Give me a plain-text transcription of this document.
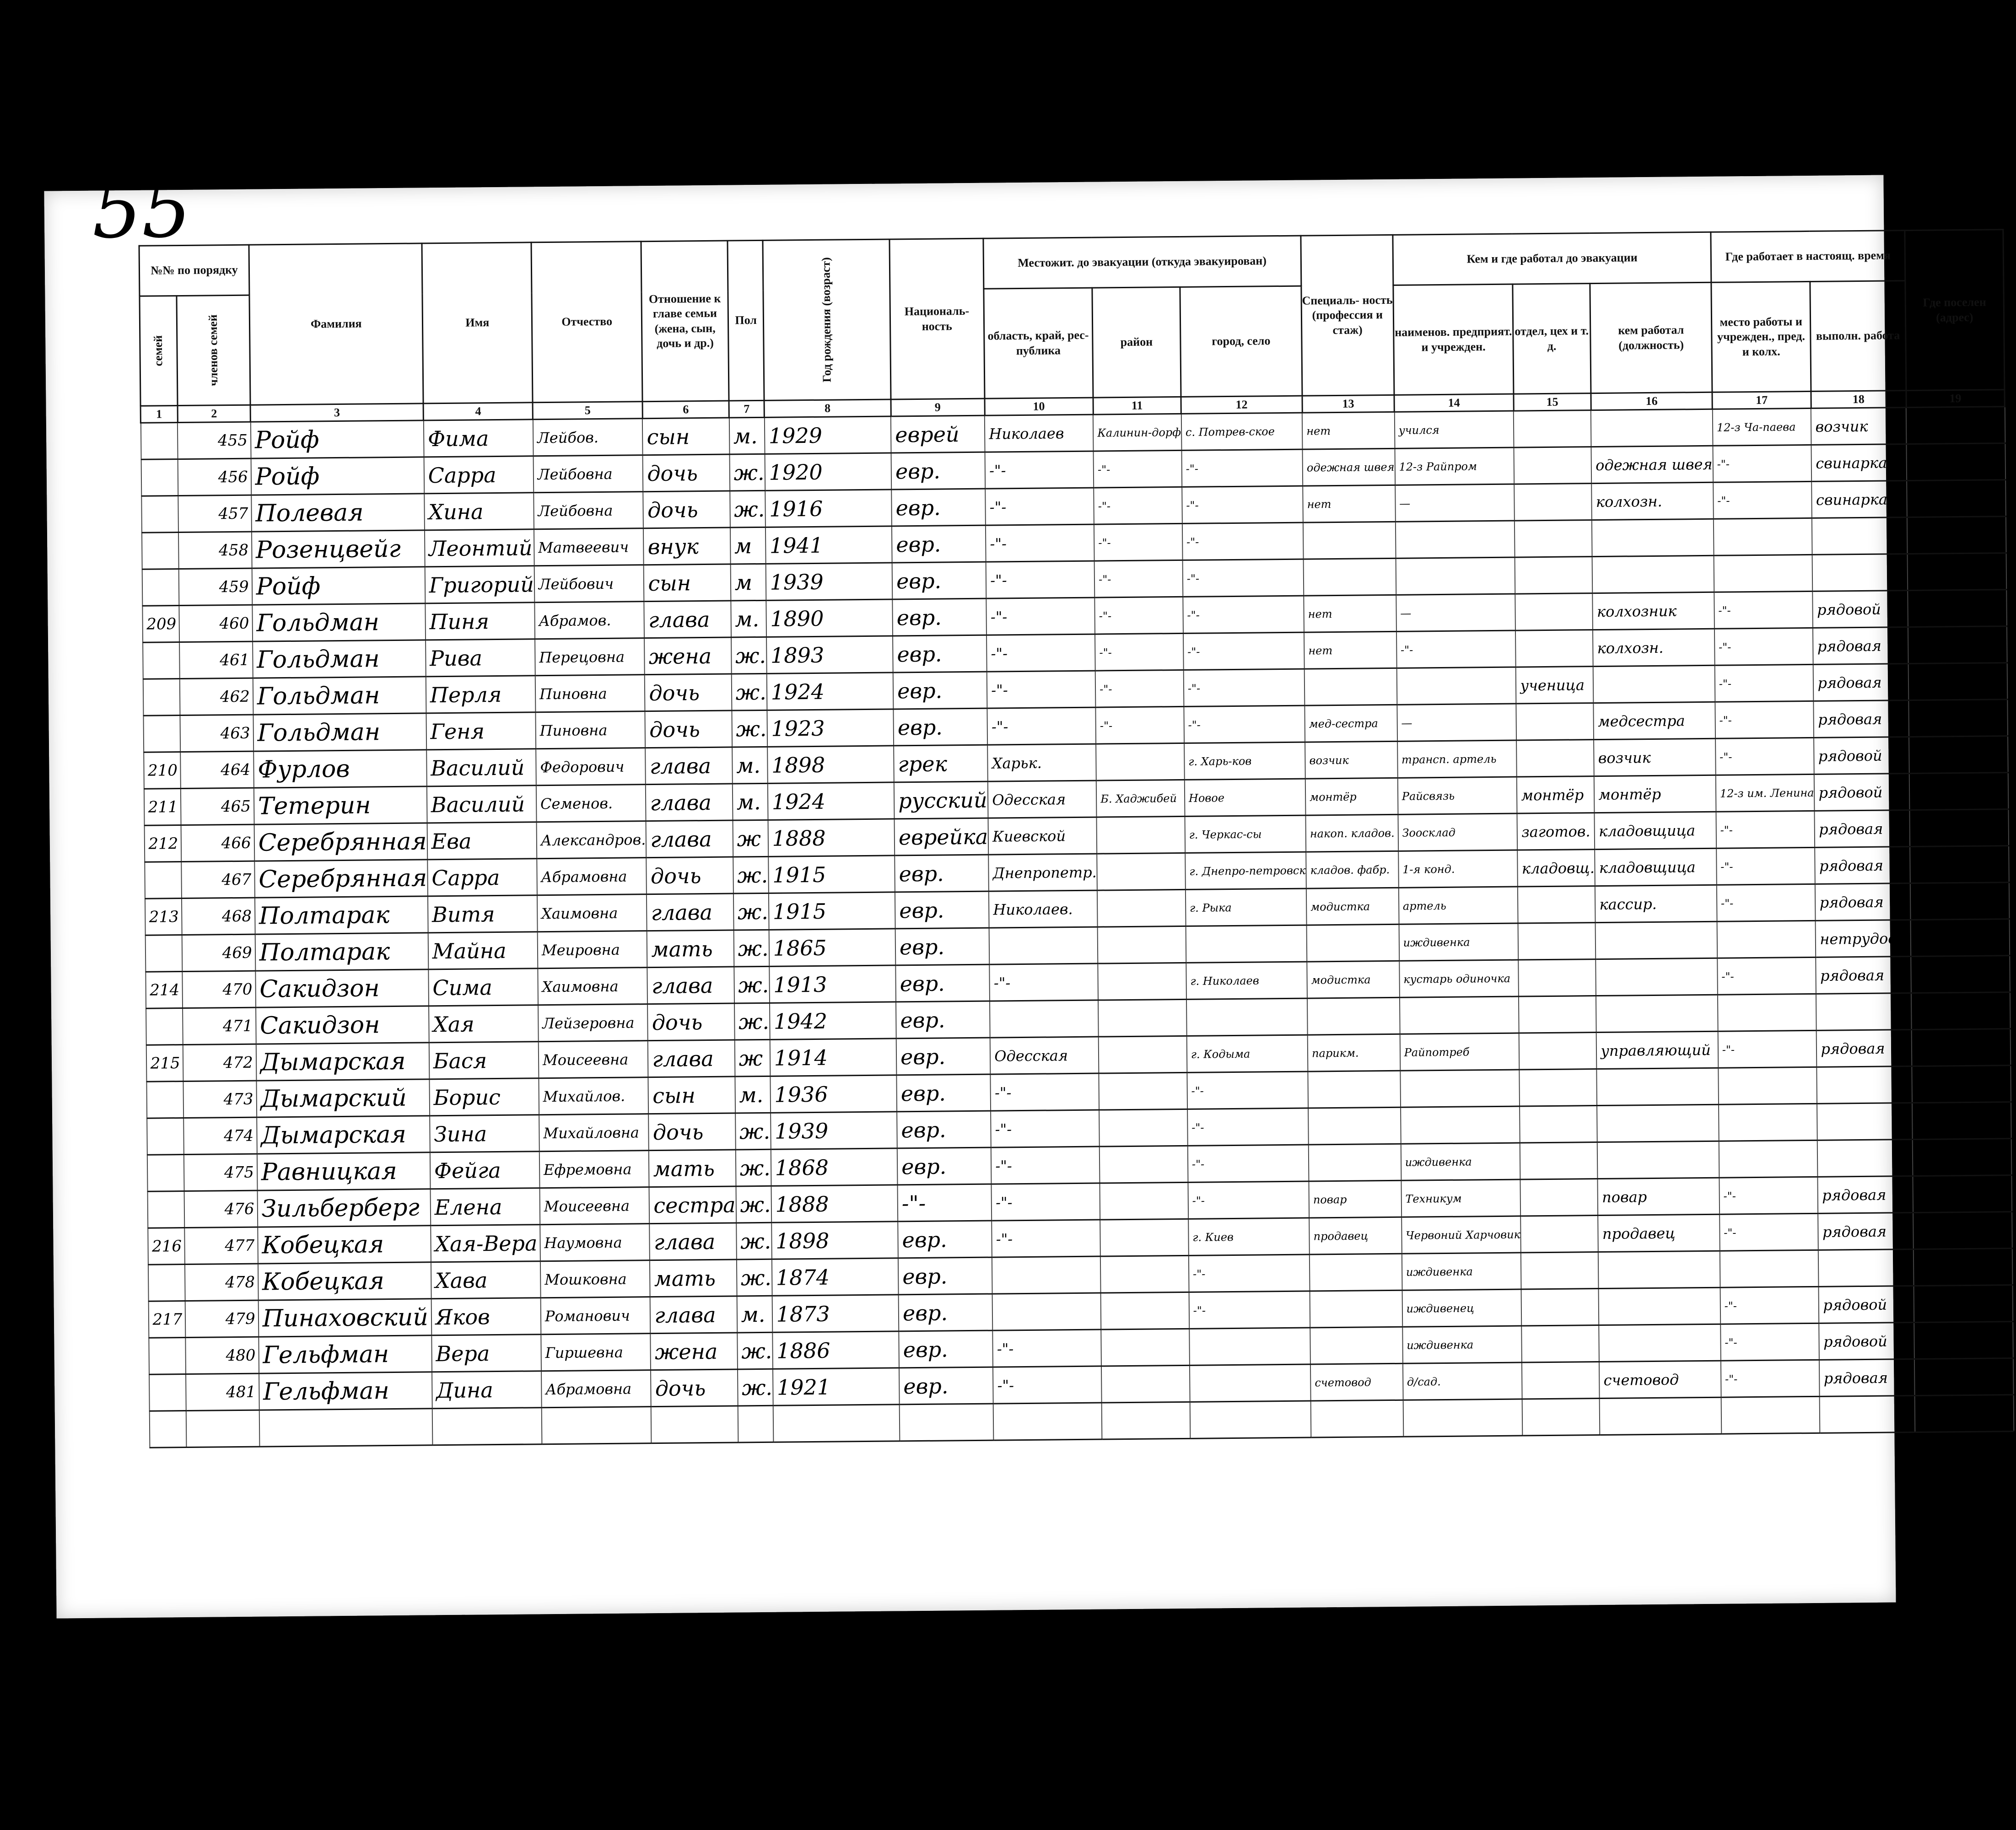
55
№№ по порядку		Фамилия	Имя	Отчество	Отношение к главе семьи (жена, сын, дочь и др.)	Пол	Год рождения (возраст)	Националь- ность	Местожит. до эвакуации (откуда эвакуирован)			Специаль- ность (профессия и стаж)	Кем и где работал до эвакуации			Где работает в настоящ. время		Где поселен (адрес)
семей	членов семей								область, край, рес- публика	район	город, село		наименов. предприят. и учрежден.	отдел, цех и т. д.	кем работал (должность)	место работы и учрежден., пред. и колх.	выполн. работа	
1	2	3	4	5	6	7	8	9	10	11	12	13	14	15	16	17	18	19
	455	Ройф	Фима	Лейбов.	сын	м.	1929	еврей	Николаев	Калинин-дорф	с. Потрев-ское	нет	учился			12-з Ча-паева	возчик	12-з Чапа-ева
	456	Ройф	Сарра	Лейбовна	дочь	ж.	1920	евр.	-"-	-"-	-"-	одежная швея	12-з Райпром		одежная швея	-"-	свинарка	-"-
	457	Полевая	Хина	Лейбовна	дочь	ж.	1916	евр.	-"-	-"-	-"-	нет	—		колхозн.	-"-	свинарка	-"-
	458	Розенцвейг	Леонтий	Матвеевич	внук	м	1941	евр.	-"-	-"-	-"-							—
	459	Ройф	Григорий	Лейбович	сын	м	1939	евр.	-"-	-"-	-"-							—
209	460	Гольдман	Пиня	Абрамов.	глава	м.	1890	евр.	-"-	-"-	-"-	нет	—		колхозник	-"-	рядовой	-"-
	461	Гольдман	Рива	Перецовна	жена	ж.	1893	евр.	-"-	-"-	-"-	нет	-"-		колхозн.	-"-	рядовая	-"-
	462	Гольдман	Перля	Пиновна	дочь	ж.	1924	евр.	-"-	-"-	-"-			ученица		-"-	рядовая	-"-
	463	Гольдман	Геня	Пиновна	дочь	ж.	1923	евр.	-"-	-"-	-"-	мед-сестра	—		медсестра	-"-	рядовая	-"-
210	464	Фурлов	Василий	Федорович	глава	м.	1898	грек	Харьк.		г. Харь-ков	возчик	трансп. артель		возчик	-"-	рядовой	-"-
211	465	Тетерин	Василий	Семенов.	глава	м.	1924	русский	Одесская	Б. Хаджибей	Новое	монтёр	Райсвязь	монтёр	монтёр	12-з им. Ленина	рядовой	12-з им. Ленина
212	466	Серебрянная	Ева	Александров.	глава	ж	1888	еврейка	Киевской		г. Черкас-сы	накоп. кладов.	Зоосклад	заготов.	кладовщица	-"-	рядовая	-"-
	467	Серебрянная	Сарра	Абрамовна	дочь	ж.	1915	евр.	Днепропетр.		г. Днепро-петровск	кладов. фабр.	1-я конд.	кладовщ.	кладовщица	-"-	рядовая	-"-
213	468	Полтарак	Витя	Хаимовна	глава	ж.	1915	евр.	Николаев.		г. Рыка	модистка	артель		кассир.	-"-	рядовая	-"-
	469	Полтарак	Майна	Меировна	мать	ж.	1865	евр.					иждивенка				нетрудосп.	
214	470	Сакидзон	Сима	Хаимовна	глава	ж.	1913	евр.	-"-		г. Николаев	модистка	кустарь одиночка			-"-	рядовая	-"-
	471	Сакидзон	Хая	Лейзеровна	дочь	ж.	1942	евр.										
215	472	Дымарская	Бася	Моисеевна	глава	ж	1914	евр.	Одесская		г. Кодыма	парикм.	Райпотреб		управляющий	-"-	рядовая	-"-
	473	Дымарский	Борис	Михайлов.	сын	м.	1936	евр.	-"-		-"-							-"-
	474	Дымарская	Зина	Михайловна	дочь	ж.	1939	евр.	-"-		-"-							-"-
	475	Равницкая	Фейга	Ефремовна	мать	ж.	1868	евр.	-"-		-"-		иждивенка					-"-
	476	Зильберберг	Елена	Моисеевна	сестра	ж.	1888	-"-	-"-		-"-	повар	Техникум		повар	-"-	рядовая	-"-
216	477	Кобецкая	Хая-Вера	Наумовна	глава	ж.	1898	евр.	-"-		г. Киев	продавец	Червоний Харчовик		продавец	-"-	рядовая	-"-
	478	Кобецкая	Хава	Мошковна	мать	ж.	1874	евр.			-"-		иждивенка					
217	479	Пинаховский	Яков	Романович	глава	м.	1873	евр.			-"-		иждивенец			-"-	рядовой	-"-
	480	Гельфман	Вера	Гиршевна	жена	ж.	1886	евр.	-"-				иждивенка			-"-	рядовой	-"-
	481	Гельфман	Дина	Абрамовна	дочь	ж.	1921	евр.	-"-			счетовод	д/сад.		счетовод	-"-	рядовая	-"-
